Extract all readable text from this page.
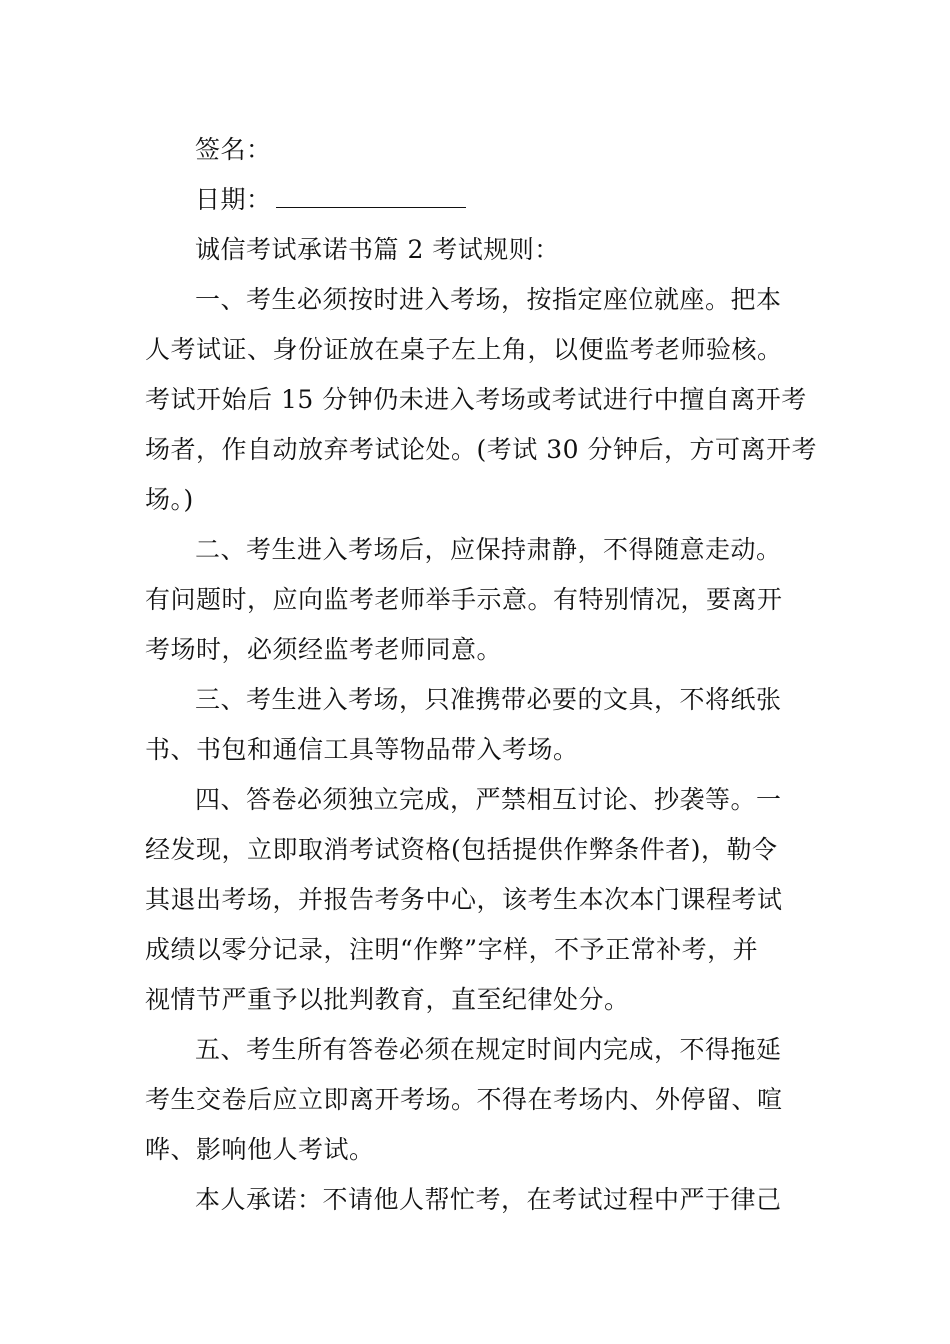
签名：
日期：
诚信考试承诺书篇 2 考试规则：
一、考生必须按时进入考场，按指定座位就座。把本
人考试证、身份证放在桌子左上角，以便监考老师验核。
考试开始后 15 分钟仍未进入考场或考试进行中擅自离开考
场者，作自动放弃考试论处。(考试 30 分钟后，方可离开考
场。)
二、考生进入考场后，应保持肃静，不得随意走动。
有问题时，应向监考老师举手示意。有特别情况，要离开
考场时，必须经监考老师同意。
三、考生进入考场，只准携带必要的文具，不将纸张
书、书包和通信工具等物品带入考场。
四、答卷必须独立完成，严禁相互讨论、抄袭等。一
经发现，立即取消考试资格(包括提供作弊条件者)，勒令
其退出考场，并报告考务中心，该考生本次本门课程考试
成绩以零分记录，注明“作弊”字样，不予正常补考，并
视情节严重予以批判教育，直至纪律处分。
五、考生所有答卷必须在规定时间内完成，不得拖延
考生交卷后应立即离开考场。不得在考场内、外停留、喧
哗、影响他人考试。
本人承诺：不请他人帮忙考，在考试过程中严于律己
